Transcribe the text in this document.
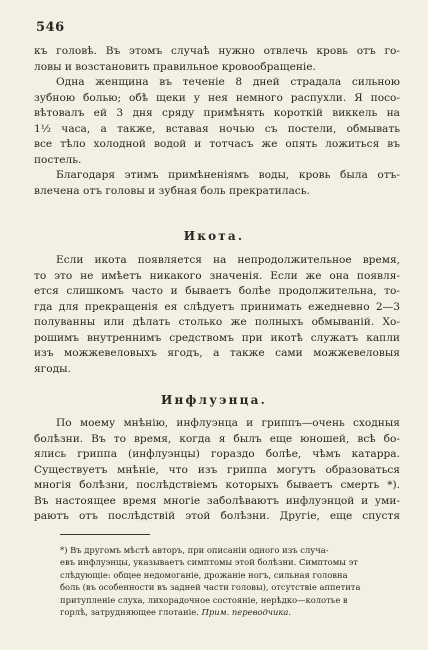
546

къ головѣ. Въ этомъ случаѣ нужно отвлечь кровь отъ го-
ловы и возстановить правильное кровообращеніе.

Одна женщина въ теченіе 8 дней страдала сильною

зубною болью; обѣ щеки у нея немного распухли. Я посо-
вѣтовалъ ей 3 дня сряду примѣнять короткій виккель на
1½ часа, а также, вставая ночью съ постели, обмывать
все тѣло холодной водой и тотчасъ же опять ложиться въ
постель.

Благодаря этимъ примѣненіямъ воды, кровь была отъ-

влечена отъ головы и зубная боль прекратилась.

Икота.

Если икота появляется на непродолжительное время,

то это не имѣетъ никакого значенія. Если же она появля-
ется слишкомъ часто и бываетъ болѣе продолжительна, то-
гда для прекращенія ея слѣдуетъ принимать ежедневно 2—3
полуванны или дѣлать столько же полныхъ обмываній. Хо-
рошимъ внутреннимъ средствомъ при икотѣ служатъ капли
изъ можжевеловыхъ ягодъ, а также сами можжевеловыя
ягоды.

Инфлуэнца.

По моему мнѣнію, инфлуэнца и гриппъ—очень сходныя

болѣзни. Въ то время, когда я былъ еще юношей, всѣ бо-
ялись гриппа (инфлуэнцы) гораздо болѣе, чѣмъ катарра.
Существуетъ мнѣніе, что изъ гриппа могутъ образоваться
многія болѣзни, послѣдствіемъ которыхъ бываетъ смерть *).
Въ настоящее время многіе заболѣваютъ инфлуэнцой и уми-
раютъ отъ послѣдствій этой болѣзни. Другіе, еще спустя

*) Въ другомъ мѣстѣ авторъ, при описаніи одного изъ случа-
евъ инфлуэнцы, указываетъ симптомы этой болѣзни. Симптомы эт
слѣдующіе: общее недомоганіе, дрожаніе ногъ, сильная головна
боль (въ особенности въ задней части головы), отсутствіе аппетита
притупленіе слуха, лихорадочное состояніе, нерѣдко—колотье в
горлѣ, затрудняющее глотаніе. Прим. переводчика.
